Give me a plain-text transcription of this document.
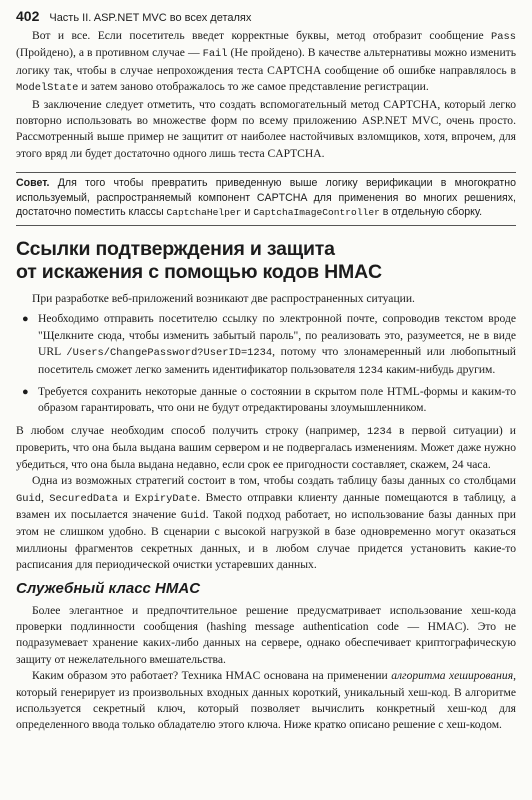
402 Часть II. ASP.NET MVC во всех деталях

Вот и все. Если посетитель введет корректные буквы, метод отобразит сообщение Pass (Пройдено), а в противном случае — Fail (Не пройдено). В качестве альтернативы можно изменить логику так, чтобы в случае непрохождения теста CAPTCHA сообщение об ошибке направлялось в ModelState и затем заново отображалось то же самое представление регистрации.

В заключение следует отметить, что создать вспомогательный метод CAPTCHA, который легко повторно использовать во множестве форм по всему приложению ASP.NET MVC, очень просто. Рассмотренный выше пример не защитит от наиболее настойчивых взломщиков, хотя, впрочем, для этого вряд ли будет достаточно одного лишь теста CAPTCHA.

Совет. Для того чтобы превратить приведенную выше логику верификации в многократно используемый, распространяемый компонент CAPTCHA для применения во многих решениях, достаточно поместить классы CaptchaHelper и CaptchaImageController в отдельную сборку.

Ссылки подтверждения и защита
от искажения с помощью кодов HMAC

При разработке веб-приложений возникают две распространенных ситуации.

● Необходимо отправить посетителю ссылку по электронной почте, сопроводив текстом вроде "Щелкните сюда, чтобы изменить забытый пароль", по реализовать это, разумеется, не в виде URL /Users/ChangePassword?UserID=1234, потому что злонамеренный или любопытный посетитель сможет легко заменить идентификатор пользователя 1234 каким-нибудь другим.
● Требуется сохранить некоторые данные о состоянии в скрытом поле HTML-формы и каким-то образом гарантировать, что они не будут отредактированы злоумышленником.

В любом случае необходим способ получить строку (например, 1234 в первой ситуации) и проверить, что она была выдана вашим сервером и не подвергалась изменениям. Может даже нужно убедиться, что она была выдана недавно, если срок ее пригодности составляет, скажем, 24 часа.

Одна из возможных стратегий состоит в том, чтобы создать таблицу базы данных со столбцами Guid, SecuredData и ExpiryDate. Вместо отправки клиенту данные помещаются в таблицу, а взамен их посылается значение Guid. Такой подход работает, но использование базы данных при этом не слишком удобно. В сценарии с высокой нагрузкой в базе одновременно могут оказаться миллионы фрагментов секретных данных, и в любом случае придется установить какие-то расписания для периодической очистки устаревших данных.

Служебный класс HMAC

Более элегантное и предпочтительное решение предусматривает использование хеш-кода проверки подлинности сообщения (hashing message authentication code — HMAC). Это не подразумевает хранение каких-либо данных на сервере, однако обеспечивает криптографическую защиту от нежелательного вмешательства.

Каким образом это работает? Техника HMAC основана на применении алгоритма хеширования, который генерирует из произвольных входных данных короткий, уникальный хеш-код. В алгоритме используется секретный ключ, который позволяет вычислить конкретный хеш-код для определенного ввода только обладателю этого ключа. Ниже кратко описано решение с хеш-кодом.
